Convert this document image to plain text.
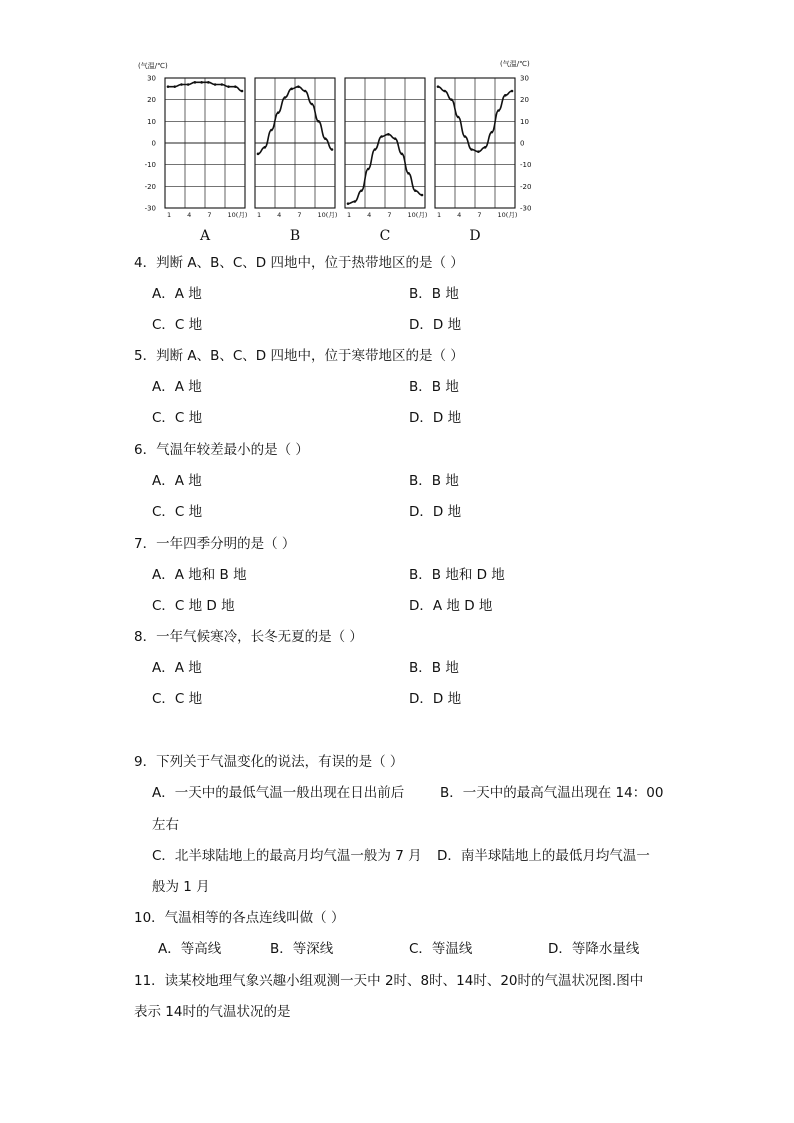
(气温/℃)	(气温/℃)
30	30
20	20
10	10
0	0
-10	-10
-20	-20
-30	-30
1 4 7 10(月)
A
1 4 7 10(月)
B
1 4 7 10(月)
C
1 4 7 10(月)
D
4．判断 A、B、C、D 四地中，位于热带地区的是（ ）
A．A 地	B．B 地
C．C 地	D．D 地
5．判断 A、B、C、D 四地中，位于寒带地区的是（ ）
A．A 地	B．B 地
C．C 地	D．D 地
6．气温年较差最小的是（ ）
A．A 地	B．B 地
C．C 地	D．D 地
7．一年四季分明的是（ ）
A．A 地和 B 地	B．B 地和 D 地
C．C 地 D 地	D．A 地 D 地
8．一年气候寒冷，长冬无夏的是（ ）
A．A 地	B．B 地
C．C 地	D．D 地
9．下列关于气温变化的说法，有误的是（ ）
A．一天中的最低气温一般出现在日出前后	B．一天中的最高气温出现在 14：00
左右
C．北半球陆地上的最高月均气温一般为 7 月 D．南半球陆地上的最低月均气温一
般为 1 月
10．气温相等的各点连线叫做（ ）
A．等高线	B．等深线	C．等温线	D．等降水量线
11．读某校地理气象兴趣小组观测一天中 2时、8时、14时、20时的气温状况图.图中
表示 14时的气温状况的是
